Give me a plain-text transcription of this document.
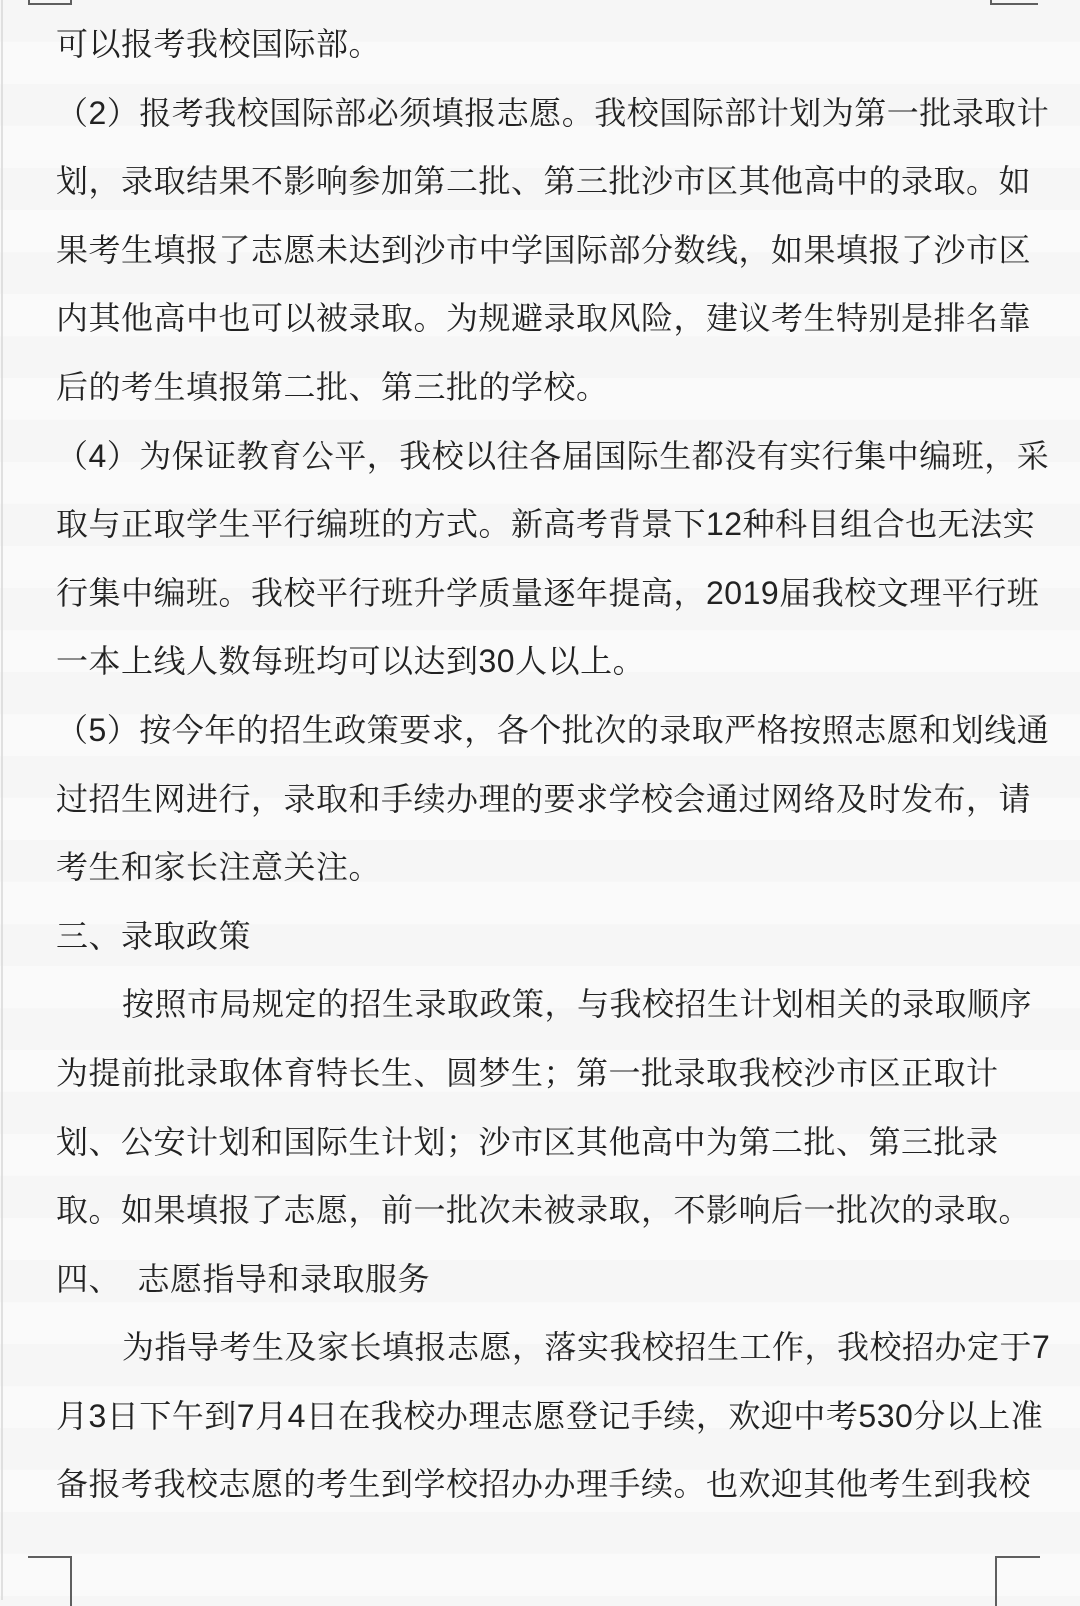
可以报考我校国际部。
（2）报考我校国际部必须填报志愿。我校国际部计划为第一批录取计
划，录取结果不影响参加第二批、第三批沙市区其他高中的录取。如
果考生填报了志愿未达到沙市中学国际部分数线，如果填报了沙市区
内其他高中也可以被录取。为规避录取风险，建议考生特别是排名靠
后的考生填报第二批、第三批的学校。
（4）为保证教育公平，我校以往各届国际生都没有实行集中编班，采
取与正取学生平行编班的方式。新高考背景下12种科目组合也无法实
行集中编班。我校平行班升学质量逐年提高，2019届我校文理平行班
一本上线人数每班均可以达到30人以上。
（5）按今年的招生政策要求，各个批次的录取严格按照志愿和划线通
过招生网进行，录取和手续办理的要求学校会通过网络及时发布，请
考生和家长注意关注。
三、录取政策
按照市局规定的招生录取政策，与我校招生计划相关的录取顺序
为提前批录取体育特长生、圆梦生；第一批录取我校沙市区正取计
划、公安计划和国际生计划；沙市区其他高中为第二批、第三批录
取。如果填报了志愿，前一批次未被录取，不影响后一批次的录取。
四、　志愿指导和录取服务
为指导考生及家长填报志愿，落实我校招生工作，我校招办定于7
月3日下午到7月4日在我校办理志愿登记手续，欢迎中考530分以上准
备报考我校志愿的考生到学校招办办理手续。也欢迎其他考生到我校
